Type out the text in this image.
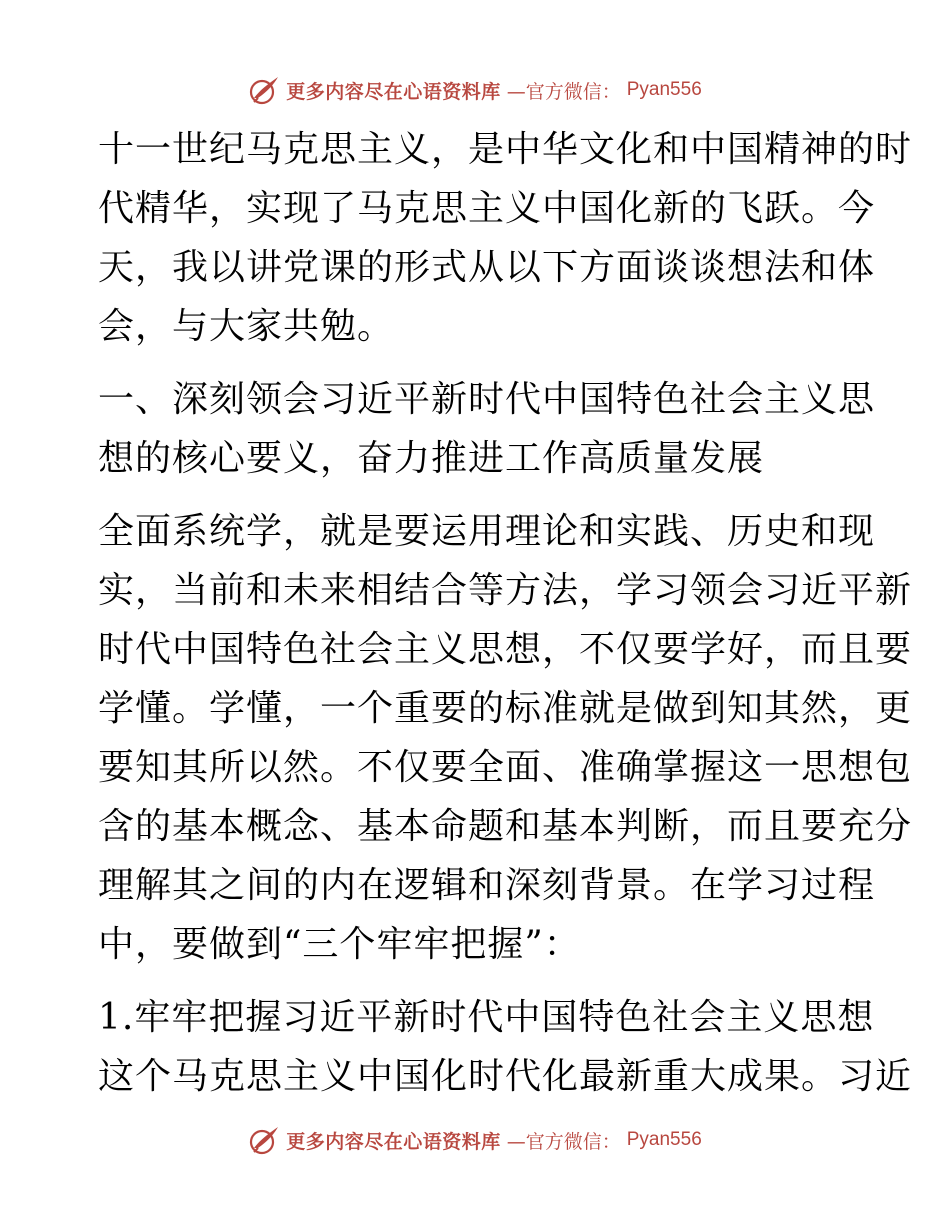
更多内容尽在心语资料库 —官方微信： Pyan556

十一世纪马克思主义，是中华文化和中国精神的时

代精华，实现了马克思主义中国化新的飞跃。今

天，我以讲党课的形式从以下方面谈谈想法和体

会，与大家共勉。

一、深刻领会习近平新时代中国特色社会主义思

想的核心要义，奋力推进工作高质量发展

全面系统学，就是要运用理论和实践、历史和现

实，当前和未来相结合等方法，学习领会习近平新

时代中国特色社会主义思想，不仅要学好，而且要

学懂。学懂，一个重要的标准就是做到知其然，更

要知其所以然。不仅要全面、准确掌握这一思想包

含的基本概念、基本命题和基本判断，而且要充分

理解其之间的内在逻辑和深刻背景。在学习过程

中，要做到“三个牢牢把握”：

1.牢牢把握习近平新时代中国特色社会主义思想

这个马克思主义中国化时代化最新重大成果。习近

更多内容尽在心语资料库 —官方微信： Pyan556
